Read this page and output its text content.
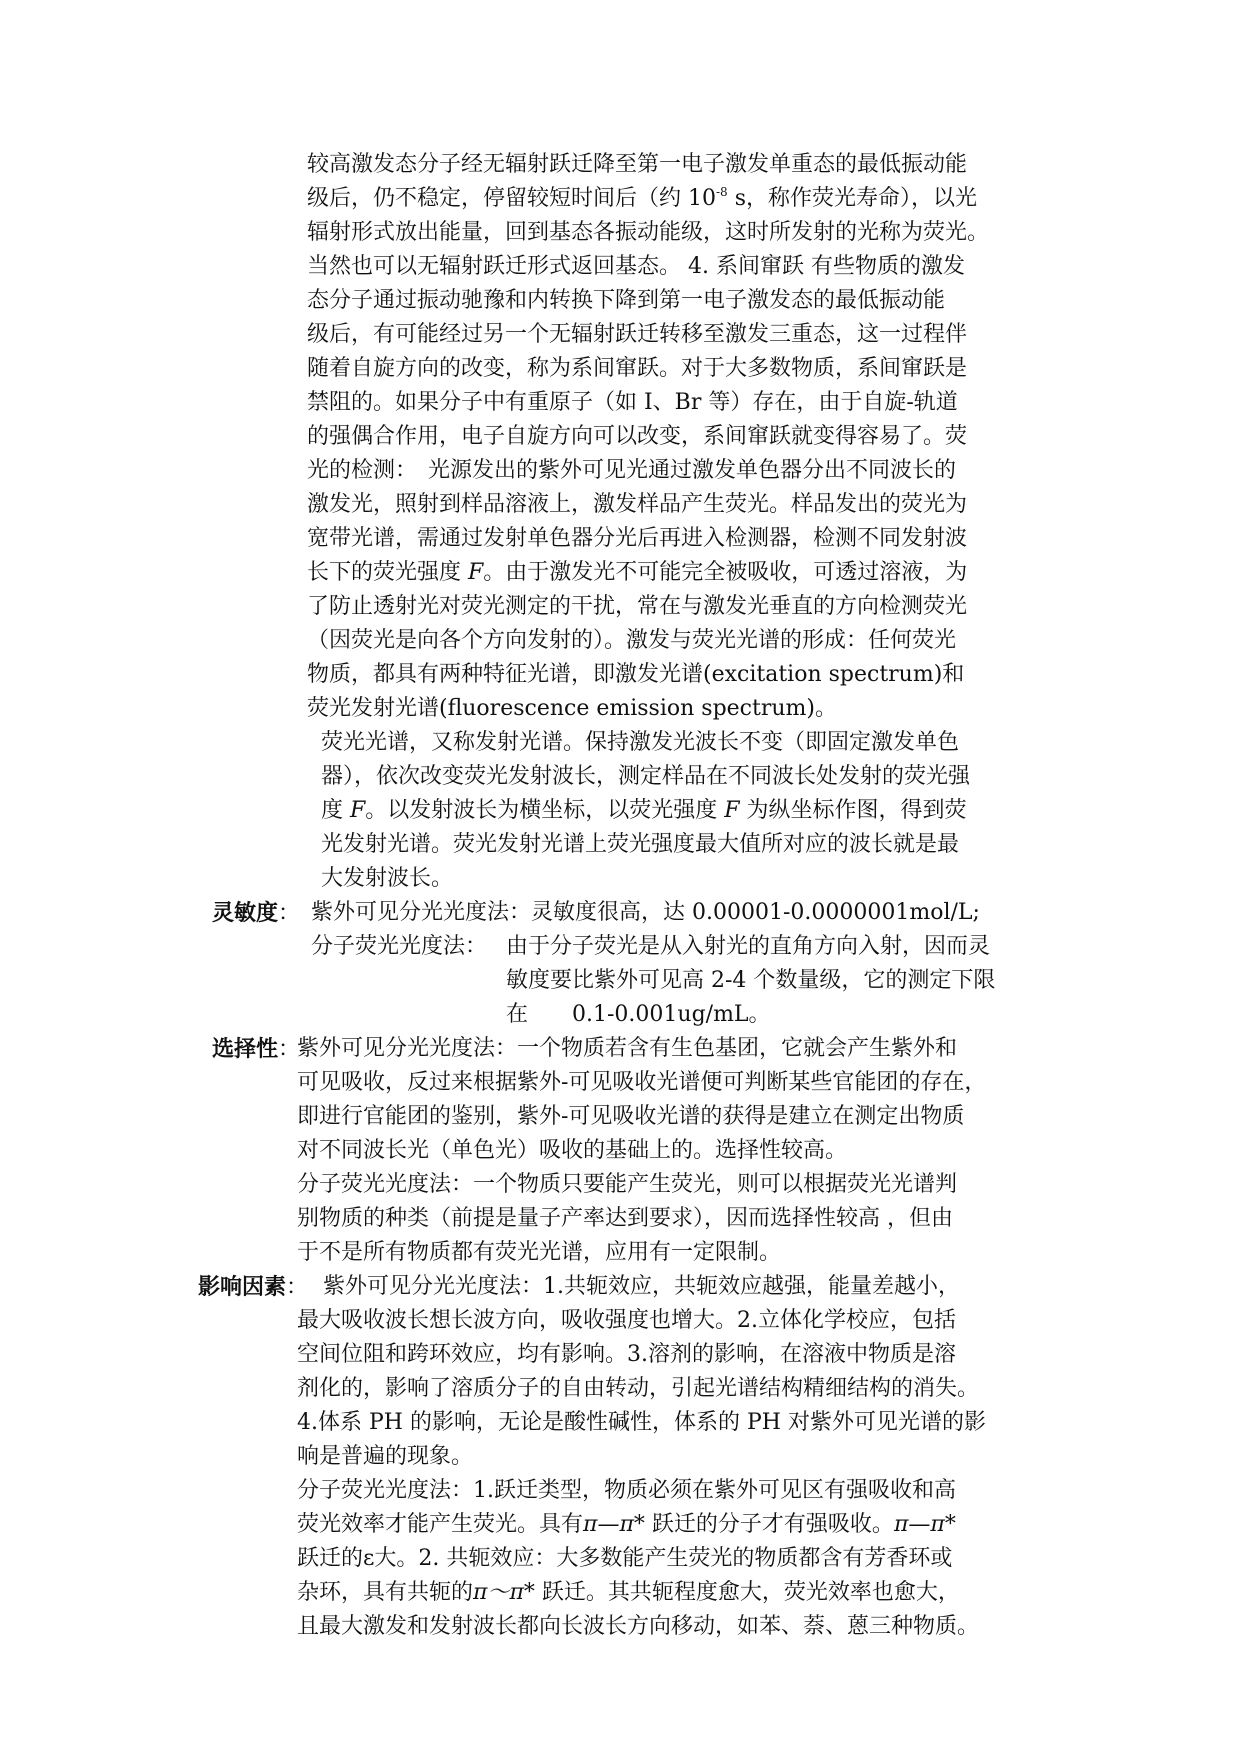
较高激发态分子经无辐射跃迁降至第一电子激发单重态的最低振动能
级后，仍不稳定，停留较短时间后（约 $10^{-8}$ s，称作荧光寿命），以光
辐射形式放出能量，回到基态各振动能级，这时所发射的光称为荧光。
当然也可以无辐射跃迁形式返回基态。 4. 系间窜跃 有些物质的激发
态分子通过振动驰豫和内转换下降到第一电子激发态的最低振动能
级后，有可能经过另一个无辐射跃迁转移至激发三重态，这一过程伴
随着自旋方向的改变，称为系间窜跃。对于大多数物质，系间窜跃是
禁阻的。如果分子中有重原子（如 I、Br 等）存在，由于自旋-轨道
的强偶合作用，电子自旋方向可以改变，系间窜跃就变得容易了。荧
光的检测：　光源发出的紫外可见光通过激发单色器分出不同波长的
激发光，照射到样品溶液上，激发样品产生荧光。样品发出的荧光为
宽带光谱，需通过发射单色器分光后再进入检测器，检测不同发射波
长下的荧光强度 F。由于激发光不可能完全被吸收，可透过溶液，为
了防止透射光对荧光测定的干扰，常在与激发光垂直的方向检测荧光
（因荧光是向各个方向发射的）。激发与荧光光谱的形成：任何荧光
物质，都具有两种特征光谱，即激发光谱(excitation spectrum)和
荧光发射光谱(fluorescence emission spectrum)。
荧光光谱，又称发射光谱。保持激发光波长不变（即固定激发单色
器），依次改变荧光发射波长，测定样品在不同波长处发射的荧光强
度 F。以发射波长为横坐标，以荧光强度 F 为纵坐标作图，得到荧
光发射光谱。荧光发射光谱上荧光强度最大值所对应的波长就是最
大发射波长。
灵敏度： 紫外可见分光光度法：灵敏度很高，达 0.00001-0.0000001mol/L;
分子荧光光度法： 由于分子荧光是从入射光的直角方向入射，因而灵
敏度要比紫外可见高 2-4 个数量级，它的测定下限
在　　0.1-0.001ug/mL。
选择性：
紫外可见分光光度法：一个物质若含有生色基团，它就会产生紫外和
可见吸收，反过来根据紫外-可见吸收光谱便可判断某些官能团的存在，
即进行官能团的鉴别，紫外-可见吸收光谱的获得是建立在测定出物质
对不同波长光（单色光）吸收的基础上的。选择性较高。
分子荧光光度法：一个物质只要能产生荧光，则可以根据荧光光谱判
别物质的种类（前提是量子产率达到要求），因而选择性较高 ，但由
于不是所有物质都有荧光光谱，应用有一定限制。
影响因素： 紫外可见分光光度法：1.共轭效应，共轭效应越强，能量差越小，
最大吸收波长想长波方向，吸收强度也增大。2.立体化学校应，包括
空间位阻和跨环效应，均有影响。3.溶剂的影响，在溶液中物质是溶
剂化的，影响了溶质分子的自由转动，引起光谱结构精细结构的消失。
4.体系 PH 的影响，无论是酸性碱性，体系的 PH 对紫外可见光谱的影
响是普遍的现象。
分子荧光光度法：1.跃迁类型，物质必须在紫外可见区有强吸收和高
荧光效率才能产生荧光。具有π—π* 跃迁的分子才有强吸收。π—π*
跃迁的ε大。2. 共轭效应：大多数能产生荧光的物质都含有芳香环或
杂环，具有共轭的π～π* 跃迁。其共轭程度愈大，荧光效率也愈大，
且最大激发和发射波长都向长波长方向移动，如苯、萘、蒽三种物质。
